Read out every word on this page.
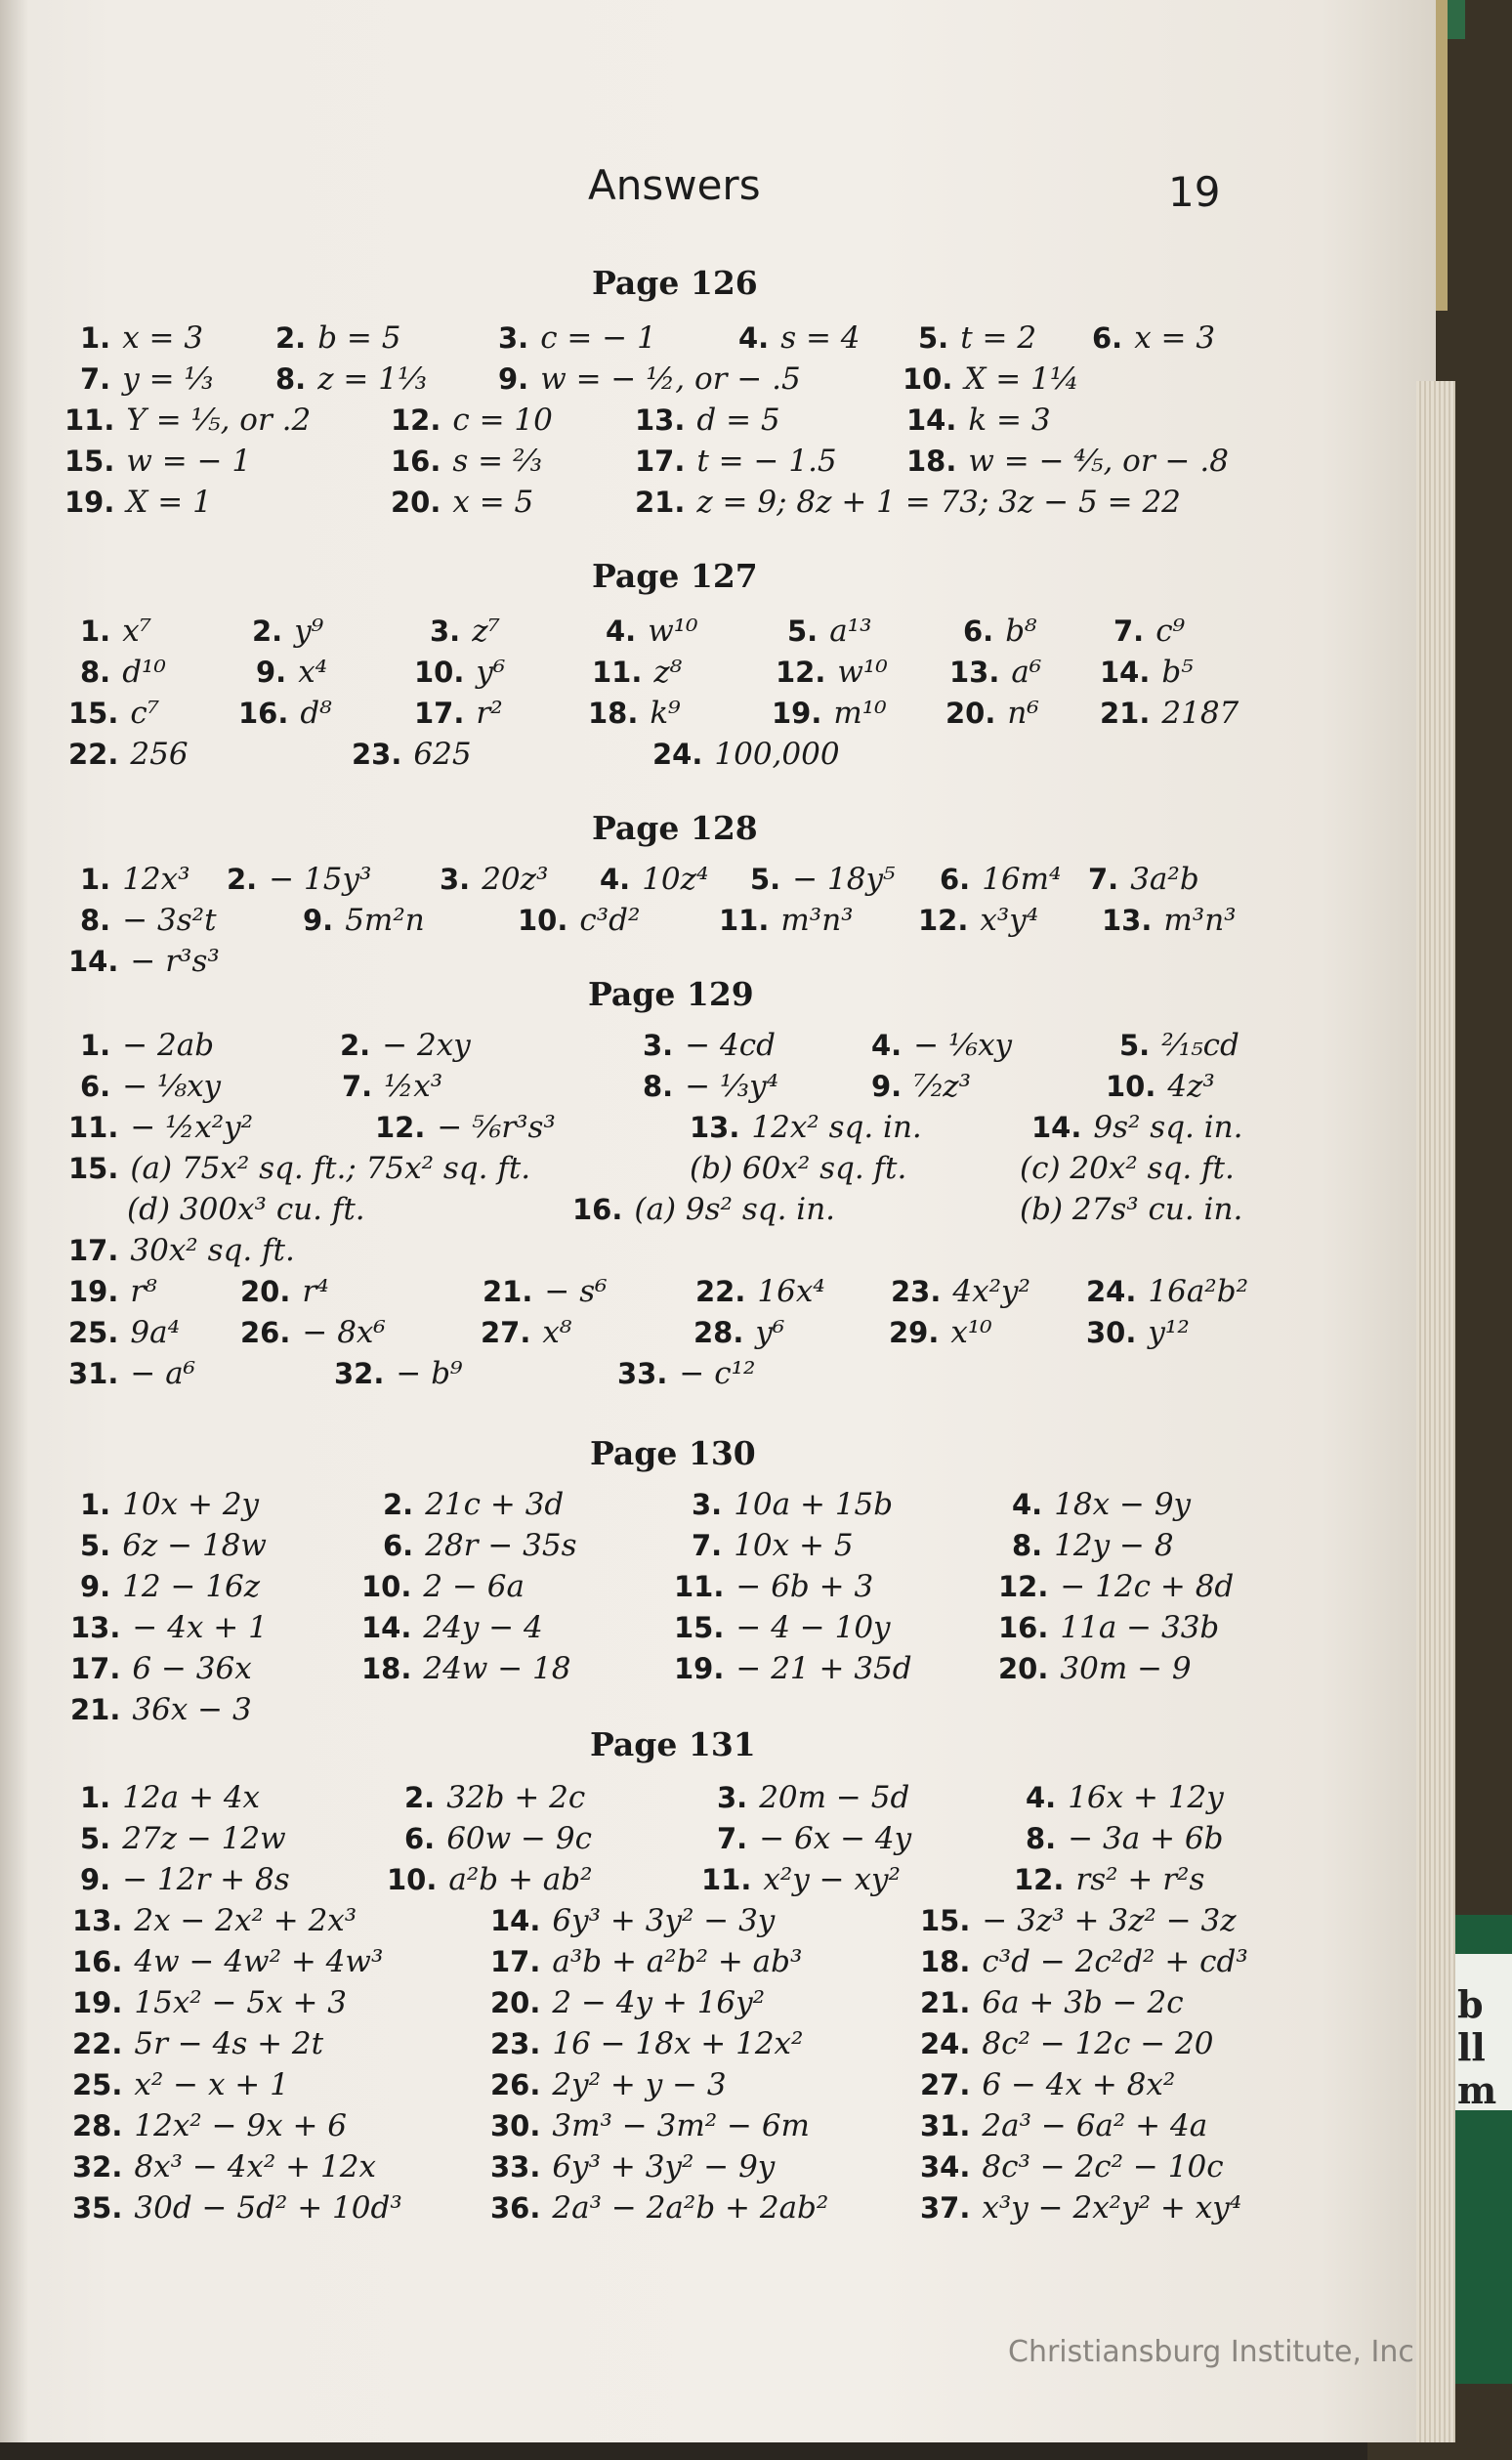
b
ll
m
Answers	19
Page 126
1. x = 3	2. b = 5	3. c = − 1	4. s = 4 5. t = 2 6. x = 3
7. y = ⅓ 8. z = 1⅓	9. w = − ½, or − .5	10. X = 1¼
11. Y = ⅕, or .2	12. c = 10	13. d = 5	14. k = 3
15. w = − 1	16. s = ⅔	17. t = − 1.5 18. w = − ⅘, or − .8
19. X = 1	20. x = 5	21. z = 9; 8z + 1 = 73; 3z − 5 = 22
Page 127
1. x⁷	2. y⁹	3. z⁷	4. w¹⁰	5. a¹³	6. b⁸	7. c⁹
8. d¹⁰	9. x⁴	10. y⁶	11. z⁸	12. w¹⁰ 13. a⁶ 14. b⁵
15. c⁷	16. d⁸	17. r²	18. k⁹	19. m¹⁰ 20. n⁶ 21. 2187
22. 256	23. 625	24. 100,000
Page 128
1. 12x³ 2. − 15y³ 3. 20z³ 4. 10z⁴ 5. − 18y⁵ 6. 16m⁴ 7. 3a²b
8. − 3s²t	9. 5m²n	10. c³d²	11. m³n³ 12. x³y⁴ 13. m³n³
14. − r³s³
Page 129
1. − 2ab	2. − 2xy	3. − 4cd	4. − ⅙xy	5. ²⁄₁₅cd
6. − ⅛xy	7. ½x³	8. − ⅓y⁴	9. ⁷⁄₂z³	10. 4z³
11. − ½x²y²	12. − ⅚r³s³	13. 12x² sq. in.	14. 9s² sq. in.
15. (a) 75x² sq. ft.; 75x² sq. ft.	(b) 60x² sq. ft.	(c) 20x² sq. ft.
(d) 300x³ cu. ft.	16. (a) 9s² sq. in.	(b) 27s³ cu. in.
17. 30x² sq. ft.
19. r⁸	20. r⁴	21. − s⁶	22. 16x⁴ 23. 4x²y² 24. 16a²b²
25. 9a⁴ 26. − 8x⁶	27. x⁸	28. y⁶	29. x¹⁰	30. y¹²
31. − a⁶	32. − b⁹	33. − c¹²
Page 130
1. 10x + 2y	2. 21c + 3d	3. 10a + 15b	4. 18x − 9y
5. 6z − 18w	6. 28r − 35s	7. 10x + 5	8. 12y − 8
9. 12 − 16z	10. 2 − 6a	11. − 6b + 3	12. − 12c + 8d
13. − 4x + 1	14. 24y − 4	15. − 4 − 10y	16. 11a − 33b
17. 6 − 36x	18. 24w − 18	19. − 21 + 35d	20. 30m − 9
21. 36x − 3
Page 131
1. 12a + 4x	2. 32b + 2c	3. 20m − 5d	4. 16x + 12y
5. 27z − 12w	6. 60w − 9c	7. − 6x − 4y	8. − 3a + 6b
9. − 12r + 8s	10. a²b + ab²	11. x²y − xy²	12. rs² + r²s
13. 2x − 2x² + 2x³	14. 6y³ + 3y² − 3y	15. − 3z³ + 3z² − 3z
16. 4w − 4w² + 4w³	17. a³b + a²b² + ab³	18. c³d − 2c²d² + cd³
19. 15x² − 5x + 3	20. 2 − 4y + 16y²	21. 6a + 3b − 2c
22. 5r − 4s + 2t	23. 16 − 18x + 12x²	24. 8c² − 12c − 20
25. x² − x + 1	26. 2y² + y − 3	27. 6 − 4x + 8x²
28. 12x² − 9x + 6	30. 3m³ − 3m² − 6m	31. 2a³ − 6a² + 4a
32. 8x³ − 4x² + 12x	33. 6y³ + 3y² − 9y	34. 8c³ − 2c² − 10c
35. 30d − 5d² + 10d³	36. 2a³ − 2a²b + 2ab²	37. x³y − 2x²y² + xy⁴
Christiansburg Institute, Inc
